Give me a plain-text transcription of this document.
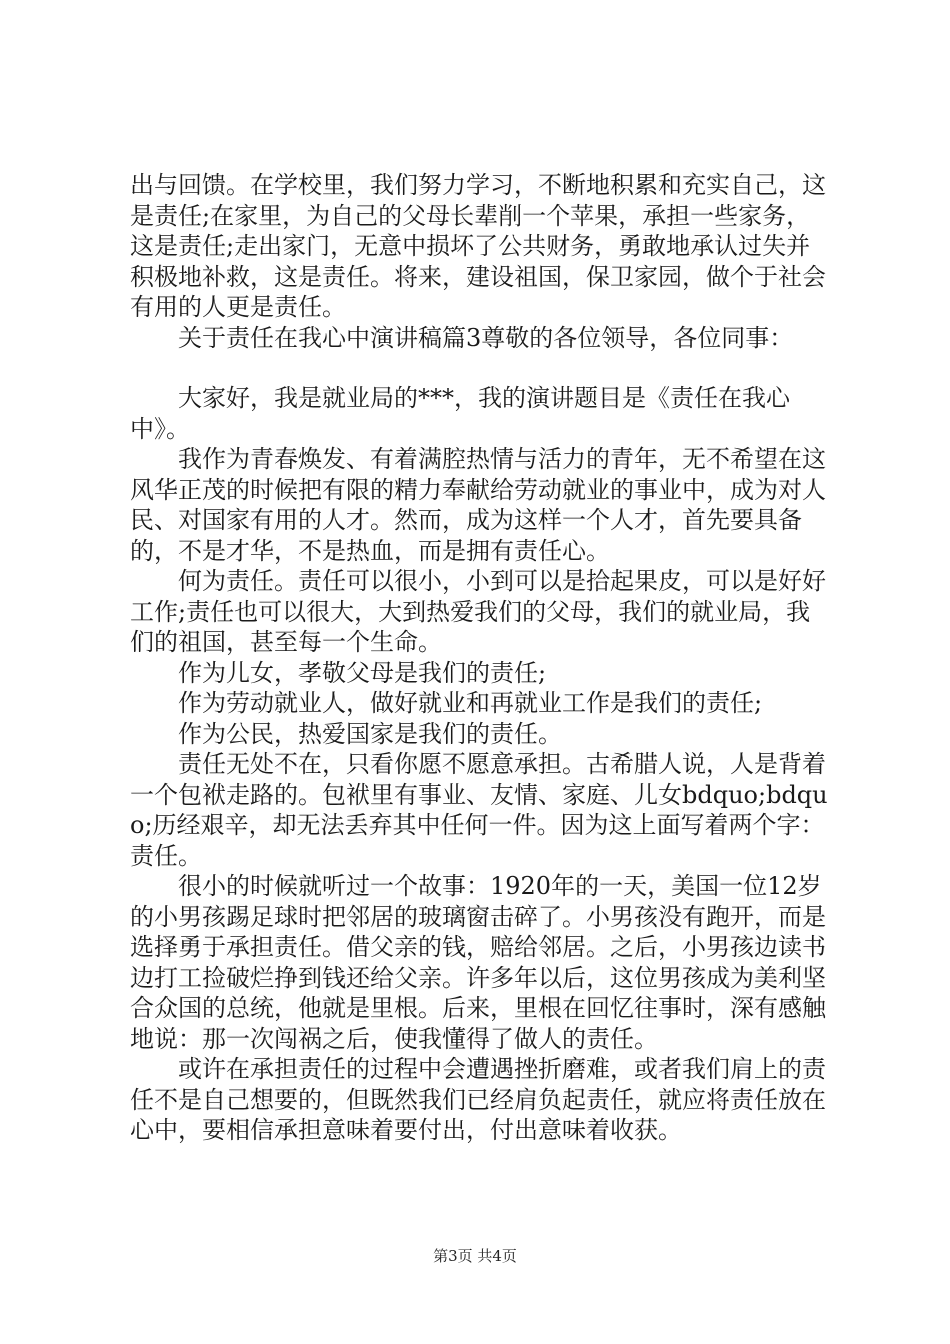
出与回馈。在学校里，我们努力学习，不断地积累和充实自己，这是责任;在家里，为自己的父母长辈削一个苹果，承担一些家务，这是责任;走出家门，无意中损坏了公共财务，勇敢地承认过失并积极地补救，这是责任。将来，建设祖国，保卫家园，做个于社会有用的人更是责任。

关于责任在我心中演讲稿篇3尊敬的各位领导，各位同事：

大家好，我是就业局的***，我的演讲题目是《责任在我心中》。

我作为青春焕发、有着满腔热情与活力的青年，无不希望在这风华正茂的时候把有限的精力奉献给劳动就业的事业中，成为对人民、对国家有用的人才。然而，成为这样一个人才，首先要具备的，不是才华，不是热血，而是拥有责任心。

何为责任。责任可以很小，小到可以是拾起果皮，可以是好好工作;责任也可以很大，大到热爱我们的父母，我们的就业局，我们的祖国，甚至每一个生命。

作为儿女，孝敬父母是我们的责任;

作为劳动就业人，做好就业和再就业工作是我们的责任;

作为公民，热爱国家是我们的责任。

责任无处不在，只看你愿不愿意承担。古希腊人说，人是背着一个包袱走路的。包袱里有事业、友情、家庭、儿女bdquo;bdquo;历经艰辛，却无法丢弃其中任何一件。因为这上面写着两个字：责任。

很小的时候就听过一个故事：1920年的一天，美国一位12岁的小男孩踢足球时把邻居的玻璃窗击碎了。小男孩没有跑开，而是选择勇于承担责任。借父亲的钱，赔给邻居。之后，小男孩边读书边打工捡破烂挣到钱还给父亲。许多年以后，这位男孩成为美利坚合众国的总统，他就是里根。后来，里根在回忆往事时，深有感触地说：那一次闯祸之后，使我懂得了做人的责任。

或许在承担责任的过程中会遭遇挫折磨难，或者我们肩上的责任不是自己想要的，但既然我们已经肩负起责任，就应将责任放在心中，要相信承担意味着要付出，付出意味着收获。

第3页 共4页
